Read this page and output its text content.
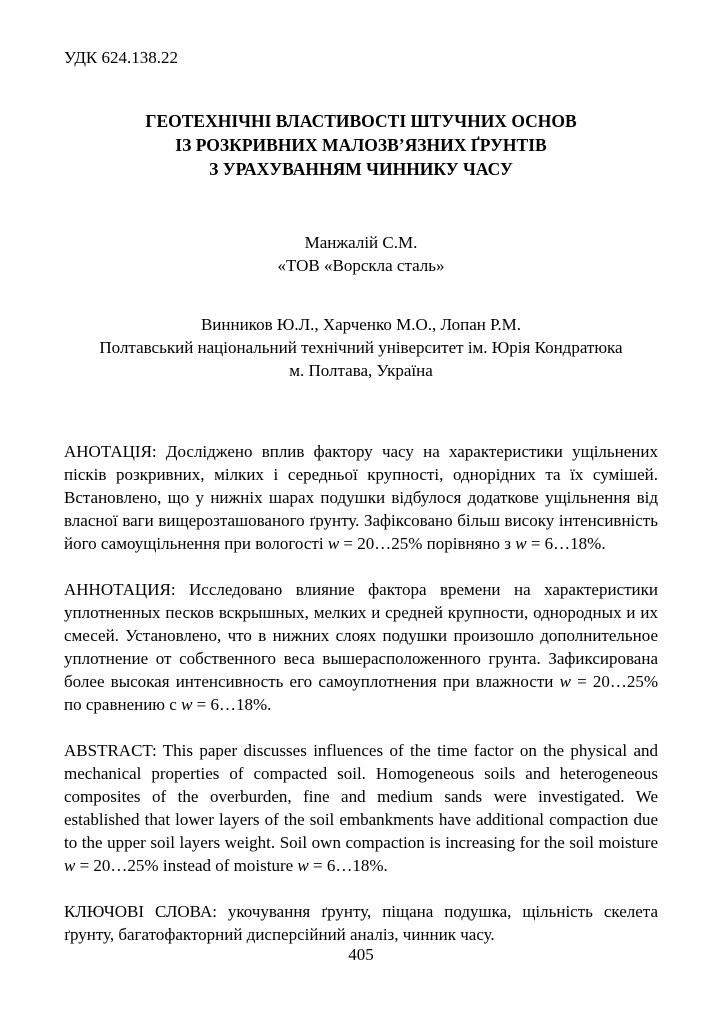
УДК 624.138.22
ГЕОТЕХНІЧНІ ВЛАСТИВОСТІ ШТУЧНИХ ОСНОВ
ІЗ РОЗКРИВНИХ МАЛОЗВ’ЯЗНИХ ҐРУНТІВ
З УРАХУВАННЯМ ЧИННИКУ ЧАСУ
Манжалій С.М.
«ТОВ «Ворскла сталь»
Винников Ю.Л., Харченко М.О., Лопан Р.М.
Полтавський національний технічний університет ім. Юрія Кондратюка
м. Полтава, Україна

АНОТАЦІЯ: Досліджено вплив фактору часу на характеристики ущільнених пісків розкривних, мілких і середньої крупності, однорідних та їх сумішей. Встановлено, що у нижніх шарах подушки відбулося додаткове ущільнення від власної ваги вищерозташованого ґрунту. Зафіксовано більш високу інтенсивність його самоущільнення при вологості w = 20…25% порівняно з w = 6…18%.

АННОТАЦИЯ: Исследовано влияние фактора времени на характеристики уплотненных песков вскрышных, мелких и средней крупности, однородных и их смесей. Установлено, что в нижних слоях подушки произошло дополнительное уплотнение от собственного веса вышерасположенного грунта. Зафиксирована более высокая интенсивность его самоуплотнения при влажности w = 20…25% по сравнению с w = 6…18%.

ABSTRACT: This paper discusses influences of the time factor on the physical and mechanical properties of compacted soil. Homogeneous soils and heterogeneous composites of the overburden, fine and medium sands were investigated. We established that lower layers of the soil embankments have additional compaction due to the upper soil layers weight. Soil own compaction is increasing for the soil moisture w = 20…25% instead of moisture w = 6…18%.

КЛЮЧОВІ СЛОВА: укочування ґрунту, піщана подушка, щільність скелета ґрунту, багатофакторний дисперсійний аналіз, чинник часу.

405
